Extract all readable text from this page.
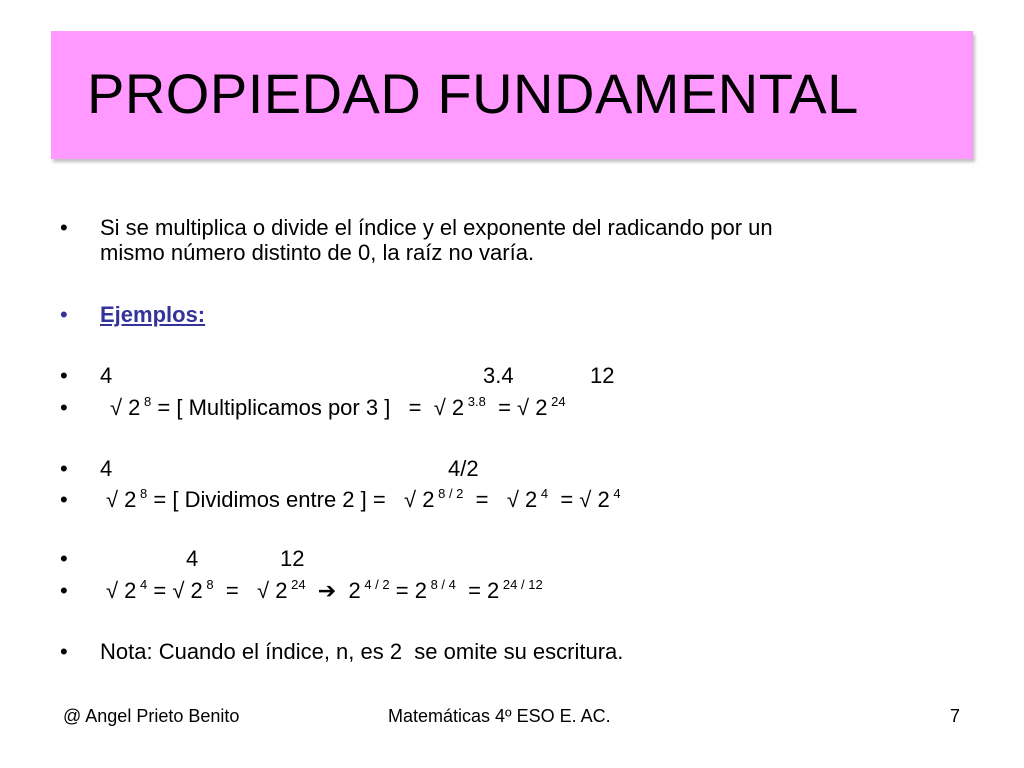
PROPIEDAD FUNDAMENTAL
• Si se multiplica o divide el índice y el exponente del radicando por un
mismo número distinto de 0, la raíz no varía.
• Ejemplos:
• 4	3.4	12
• √ 2 $^8$ = [ Multiplicamos por 3 ]   =  √ 2 $^{3.8}$  = √ 2 $^{24}$
• 4	4/2
• √ 2 $^8$ = [ Dividimos entre 2 ] =   √ 2 $^{8 / 2}$  =   √ 2 $^4$  = √ 2 $^4$
•	4	12
• √ 2 $^4$ = √ 2 $^8$  =   √ 2 $^{24}$  ➔  2 $^{4 / 2}$ = 2 $^{8 / 4}$  = 2 $^{24 / 12}$
• Nota: Cuando el índice, n, es 2  se omite su escritura.
@ Angel Prieto Benito	Matemáticas 4º ESO E. AC.	7
